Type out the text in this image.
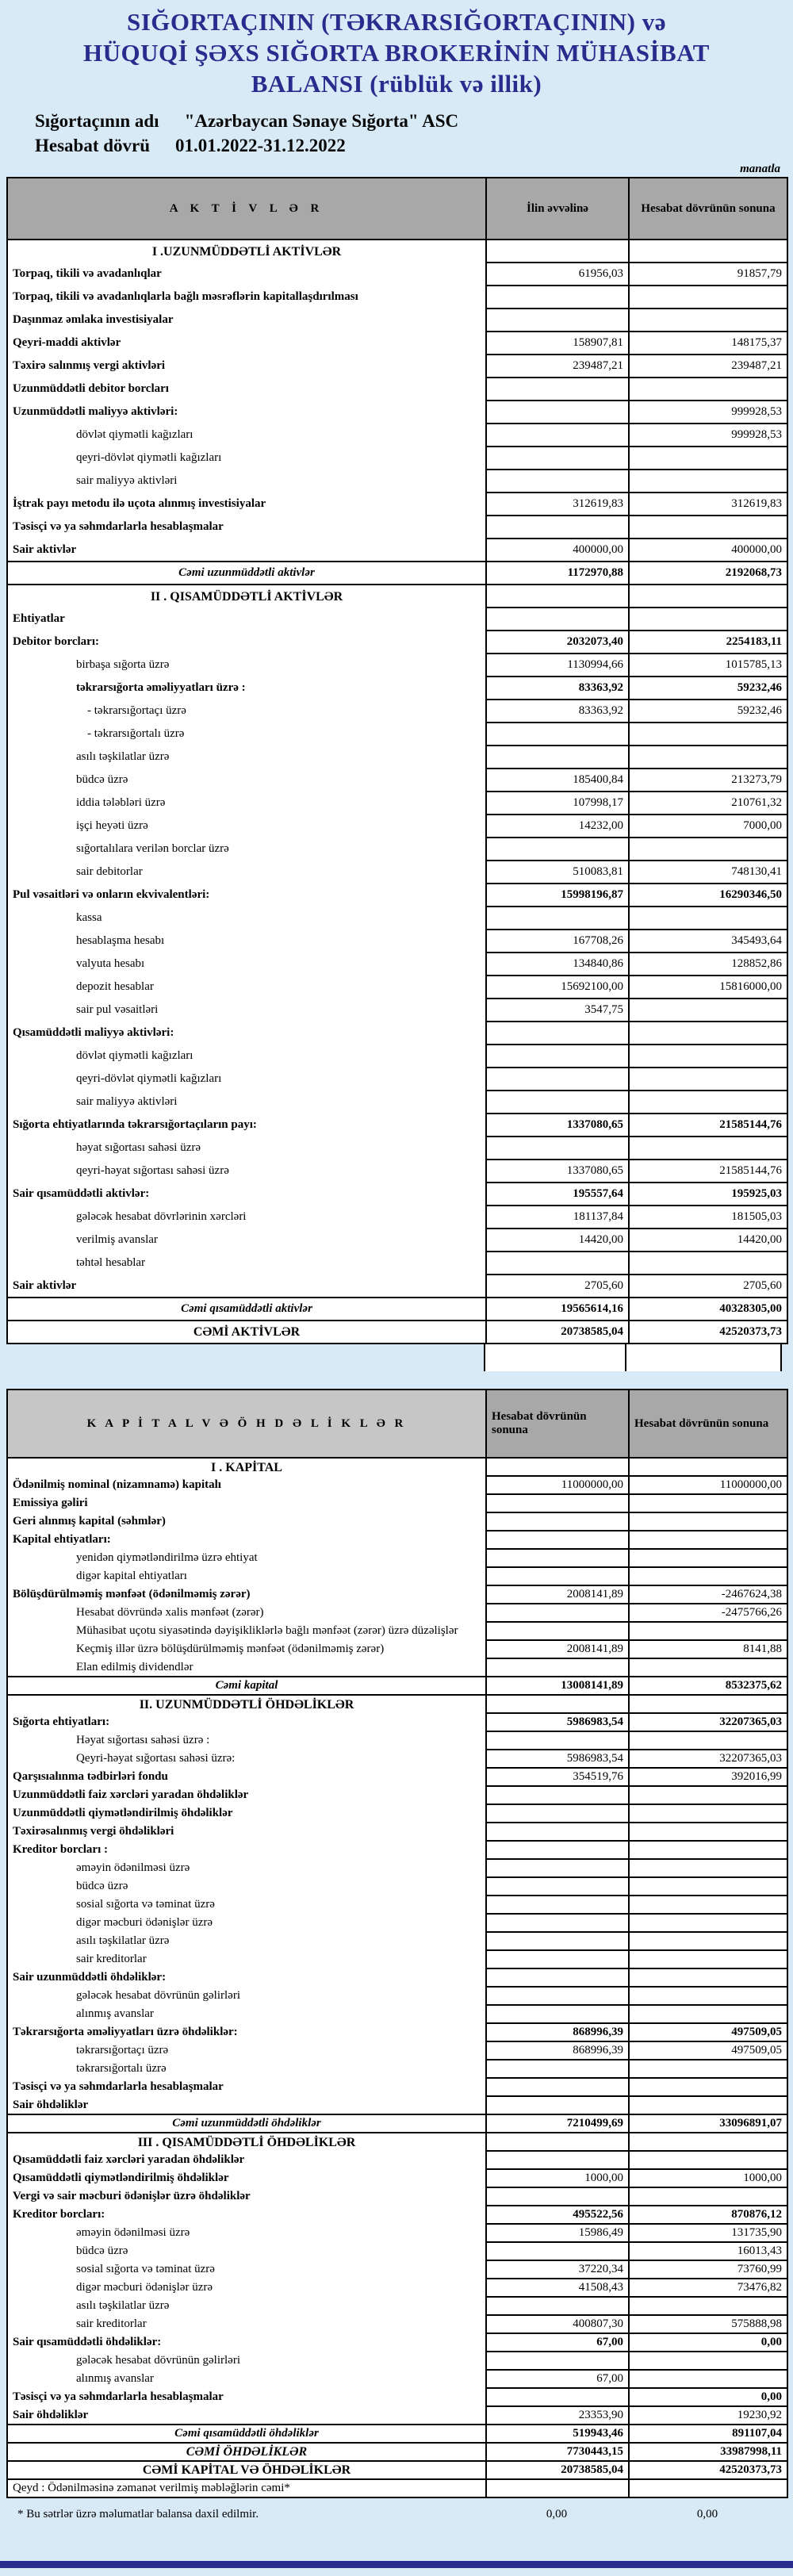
SIĞORTAÇININ (TƏKRARSIĞORTAÇININ) və
HÜQUQİ ŞƏXS SIĞORTA BROKERİNİN MÜHASİBAT
BALANSI (rüblük və illik)
Sığortaçının adı "Azərbaycan Sənaye Sığorta" ASC
Hesabat dövrü 01.01.2022-31.12.2022
manatla
A K T İ V L Ə R	İlin əvvəlinə	Hesabat dövrünün sonuna
I .UZUNMÜDDƏTLİ AKTİVLƏR		
Torpaq, tikili və avadanlıqlar	61956,03	91857,79
Torpaq, tikili və avadanlıqlarla bağlı məsrəflərin kapitallaşdırılması		
Daşınmaz əmlaka investisiyalar		
Qeyri-maddi aktivlər	158907,81	148175,37
Təxirə salınmış vergi aktivləri	239487,21	239487,21
Uzunmüddətli debitor borcları		
Uzunmüddətli maliyyə aktivləri:		999928,53
dövlət qiymətli kağızları		999928,53
qeyri-dövlət qiymətli kağızları		
sair maliyyə aktivləri		
İştrak payı metodu ilə uçota alınmış investisiyalar	312619,83	312619,83
Təsisçi və ya səhmdarlarla hesablaşmalar		
Sair aktivlər	400000,00	400000,00
Cəmi uzunmüddətli aktivlər	1172970,88	2192068,73
II . QISAMÜDDƏTLİ AKTİVLƏR		
Ehtiyatlar		
Debitor borcları:	2032073,40	2254183,11
birbaşa sığorta üzrə	1130994,66	1015785,13
təkrarsığorta əməliyyatları üzrə :	83363,92	59232,46
- təkrarsığortaçı üzrə	83363,92	59232,46
- təkrarsığortalı üzrə		
asılı təşkilatlar üzrə		
büdcə üzrə	185400,84	213273,79
iddia tələbləri üzrə	107998,17	210761,32
işçi heyəti üzrə	14232,00	7000,00
sığortalılara verilən borclar üzrə		
sair debitorlar	510083,81	748130,41
Pul vəsaitləri və onların ekvivalentləri:	15998196,87	16290346,50
kassa		
hesablaşma hesabı	167708,26	345493,64
valyuta hesabı	134840,86	128852,86
depozit hesablar	15692100,00	15816000,00
sair pul vəsaitləri	3547,75	
Qısamüddətli maliyyə aktivləri:		
dövlət qiymətli kağızları		
qeyri-dövlət qiymətli kağızları		
sair maliyyə aktivləri		
Sığorta ehtiyatlarında təkrarsığortaçıların payı:	1337080,65	21585144,76
həyat sığortası sahəsi üzrə		
qeyri-həyat sığortası sahəsi üzrə	1337080,65	21585144,76
Sair qısamüddətli aktivlər:	195557,64	195925,03
gələcək hesabat dövrlərinin xərcləri	181137,84	181505,03
verilmiş avanslar	14420,00	14420,00
təhtəl hesablar		
Sair aktivlər	2705,60	2705,60
Cəmi qısamüddətli aktivlər	19565614,16	40328305,00
CƏMİ AKTİVLƏR	20738585,04	42520373,73
K A P İ T A L V Ə Ö H D Ə L İ K L Ə R	Hesabat dövrünün sonuna	Hesabat dövrünün sonuna
I . KAPİTAL		
Ödənilmiş nominal (nizamnamə) kapitalı	11000000,00	11000000,00
Emissiya gəliri		
Geri alınmış kapital (səhmlər)		
Kapital ehtiyatları:		
yenidən qiymətləndirilmə üzrə ehtiyat		
digər kapital ehtiyatları		
Bölüşdürülməmiş mənfəət (ödənilməmiş zərər)	2008141,89	-2467624,38
Hesabat dövründə xalis mənfəət (zərər)		-2475766,26
Mühasibat uçotu siyasətində dəyişikliklərlə bağlı mənfəət (zərər) üzrə düzəlişlər		
Keçmiş illər üzrə bölüşdürülməmiş mənfəət (ödənilməmiş zərər)	2008141,89	8141,88
Elan edilmiş dividendlər		
Cəmi kapital	13008141,89	8532375,62
II. UZUNMÜDDƏTLİ ÖHDƏLİKLƏR		
Sığorta ehtiyatları:	5986983,54	32207365,03
Həyat sığortası sahəsi üzrə :		
Qeyri-həyat sığortası sahəsi üzrə:	5986983,54	32207365,03
Qarşısıalınma tədbirləri fondu	354519,76	392016,99
Uzunmüddətli faiz xərcləri yaradan öhdəliklər		
Uzunmüddətli qiymətləndirilmiş öhdəliklər		
Təxirəsalınmış vergi öhdəlikləri		
Kreditor borcları :		
əməyin ödənilməsi üzrə		
büdcə üzrə		
sosial sığorta və təminat üzrə		
digər məcburi ödənişlər üzrə		
asılı təşkilatlar üzrə		
sair kreditorlar		
Sair uzunmüddətli öhdəliklər:		
gələcək hesabat dövrünün gəlirləri		
alınmış avanslar		
Təkrarsığorta əməliyyatları üzrə öhdəliklər:	868996,39	497509,05
təkrarsığortaçı üzrə	868996,39	497509,05
təkrarsığortalı üzrə		
Təsisçi və ya səhmdarlarla hesablaşmalar		
Sair öhdəliklər		
Cəmi uzunmüddətli öhdəliklər	7210499,69	33096891,07
III . QISAMÜDDƏTLİ ÖHDƏLİKLƏR		
Qısamüddətli faiz xərcləri yaradan öhdəliklər		
Qısamüddətli qiymətləndirilmiş öhdəliklər	1000,00	1000,00
Vergi və sair məcburi ödənişlər üzrə öhdəliklər		
Kreditor borcları:	495522,56	870876,12
əməyin ödənilməsi üzrə	15986,49	131735,90
büdcə üzrə		16013,43
sosial sığorta və təminat üzrə	37220,34	73760,99
digər məcburi ödənişlər üzrə	41508,43	73476,82
asılı təşkilatlar üzrə		
sair kreditorlar	400807,30	575888,98
Sair qısamüddətli öhdəliklər:	67,00	0,00
gələcək hesabat dövrünün gəlirləri		
alınmış avanslar	67,00	
Təsisçi və ya səhmdarlarla hesablaşmalar		0,00
Sair öhdəliklər	23353,90	19230,92
Cəmi qısamüddətli öhdəliklər	519943,46	891107,04
CƏMİ ÖHDƏLİKLƏR	7730443,15	33987998,11
CƏMİ KAPİTAL VƏ ÖHDƏLİKLƏR	20738585,04	42520373,73
Qeyd : Ödənilməsinə zəmanət verilmiş məbləğlərin cəmi*		
* Bu sətrlər üzrə məlumatlar balansa daxil edilmir.	0,00	0,00
